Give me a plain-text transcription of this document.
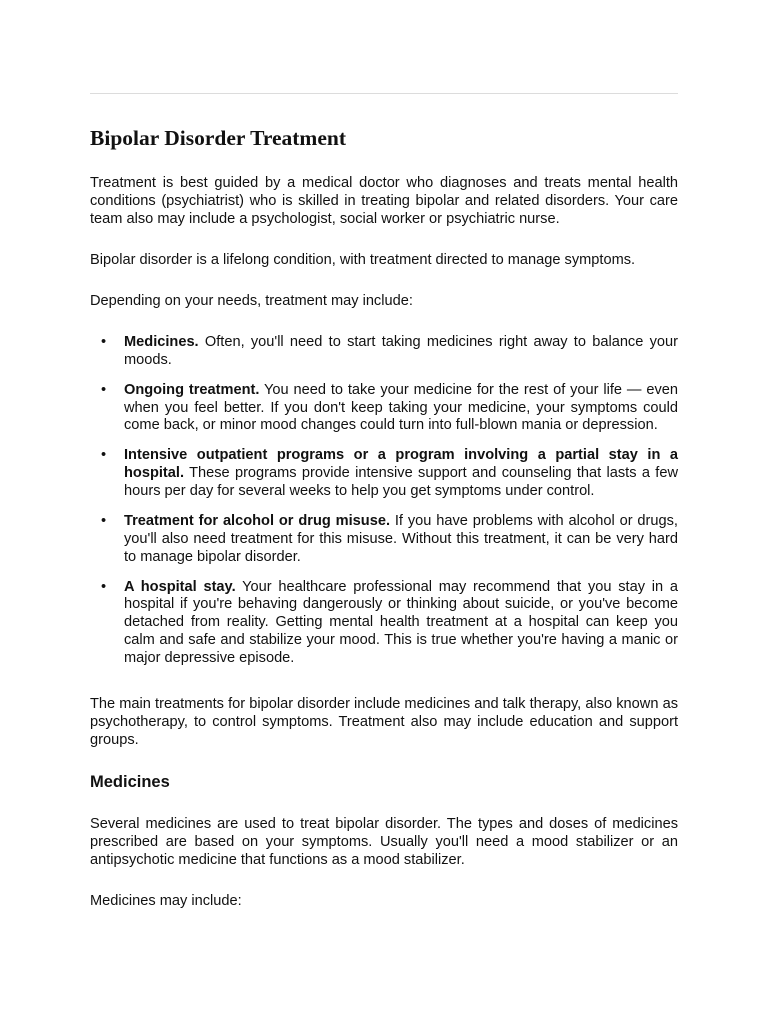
Bipolar Disorder Treatment

Treatment is best guided by a medical doctor who diagnoses and treats mental health conditions (psychiatrist) who is skilled in treating bipolar and related disorders. Your care team also may include a psychologist, social worker or psychiatric nurse.

Bipolar disorder is a lifelong condition, with treatment directed to manage symptoms.

Depending on your needs, treatment may include:

• Medicines. Often, you'll need to start taking medicines right away to balance your moods.

• Ongoing treatment. You need to take your medicine for the rest of your life — even when you feel better. If you don't keep taking your medicine, your symptoms could come back, or minor mood changes could turn into full-blown mania or depression.

• Intensive outpatient programs or a program involving a partial stay in a hospital. These programs provide intensive support and counseling that lasts a few hours per day for several weeks to help you get symptoms under control.

• Treatment for alcohol or drug misuse. If you have problems with alcohol or drugs, you'll also need treatment for this misuse. Without this treatment, it can be very hard to manage bipolar disorder.

• A hospital stay. Your healthcare professional may recommend that you stay in a hospital if you're behaving dangerously or thinking about suicide, or you've become detached from reality. Getting mental health treatment at a hospital can keep you calm and safe and stabilize your mood. This is true whether you're having a manic or major depressive episode.

The main treatments for bipolar disorder include medicines and talk therapy, also known as psychotherapy, to control symptoms. Treatment also may include education and support groups.

Medicines

Several medicines are used to treat bipolar disorder. The types and doses of medicines prescribed are based on your symptoms. Usually you'll need a mood stabilizer or an antipsychotic medicine that functions as a mood stabilizer.

Medicines may include:
